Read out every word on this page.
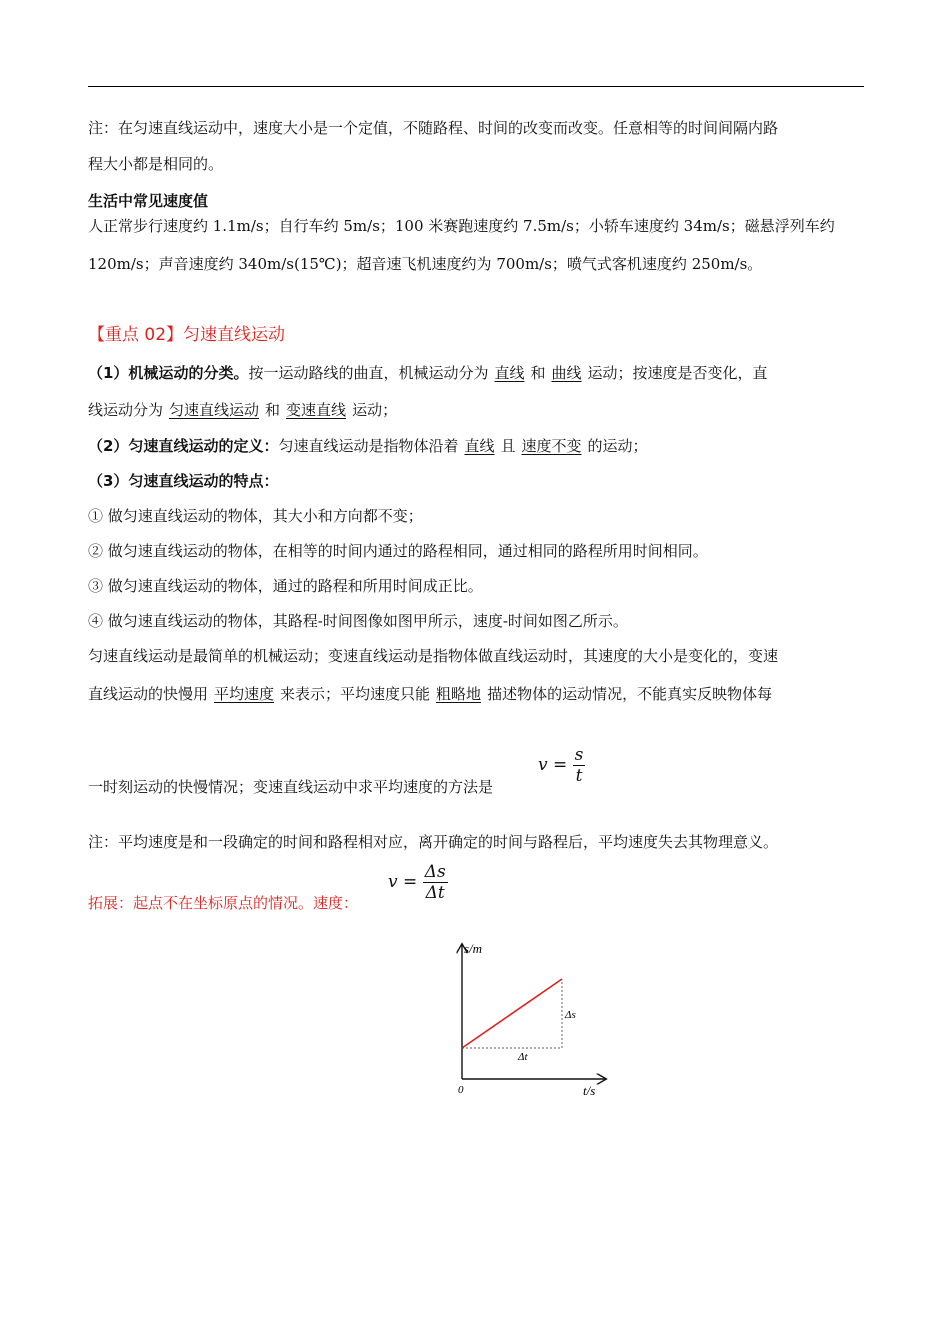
注：在匀速直线运动中，速度大小是一个定值，不随路程、时间的改变而改变。任意相等的时间间隔内路
程大小都是相同的。
生活中常见速度值
人正常步行速度约 1.1m/s；自行车约 5m/s；100 米赛跑速度约 7.5m/s；小轿车速度约 34m/s；磁悬浮列车约
120m/s；声音速度约 340m/s(15℃)；超音速飞机速度约为 700m/s；喷气式客机速度约 250m/s。
【重点 02】匀速直线运动
（1）机械运动的分类。按一运动路线的曲直，机械运动分为 直线 和 曲线 运动；按速度是否变化，直
线运动分为 匀速直线运动 和 变速直线 运动；
（2）匀速直线运动的定义：匀速直线运动是指物体沿着 直线 且 速度不变 的运动；
（3）匀速直线运动的特点：
① 做匀速直线运动的物体，其大小和方向都不变；
② 做匀速直线运动的物体，在相等的时间内通过的路程相同，通过相同的路程所用时间相同。
③ 做匀速直线运动的物体，通过的路程和所用时间成正比。
④ 做匀速直线运动的物体，其路程-时间图像如图甲所示，速度-时间如图乙所示。
匀速直线运动是最简单的机械运动；变速直线运动是指物体做直线运动时，其速度的大小是变化的，变速
直线运动的快慢用 平均速度 来表示；平均速度只能 粗略地 描述物体的运动情况，不能真实反映物体每
一时刻运动的快慢情况；变速直线运动中求平均速度的方法是
$v = \frac{s}{t}$
注：平均速度是和一段确定的时间和路程相对应，离开确定的时间与路程后，平均速度失去其物理意义。
拓展：起点不在坐标原点的情况。速度：
$v = \frac{\Delta s}{\Delta t}$
s/m
t/s
0
Δs
Δt
